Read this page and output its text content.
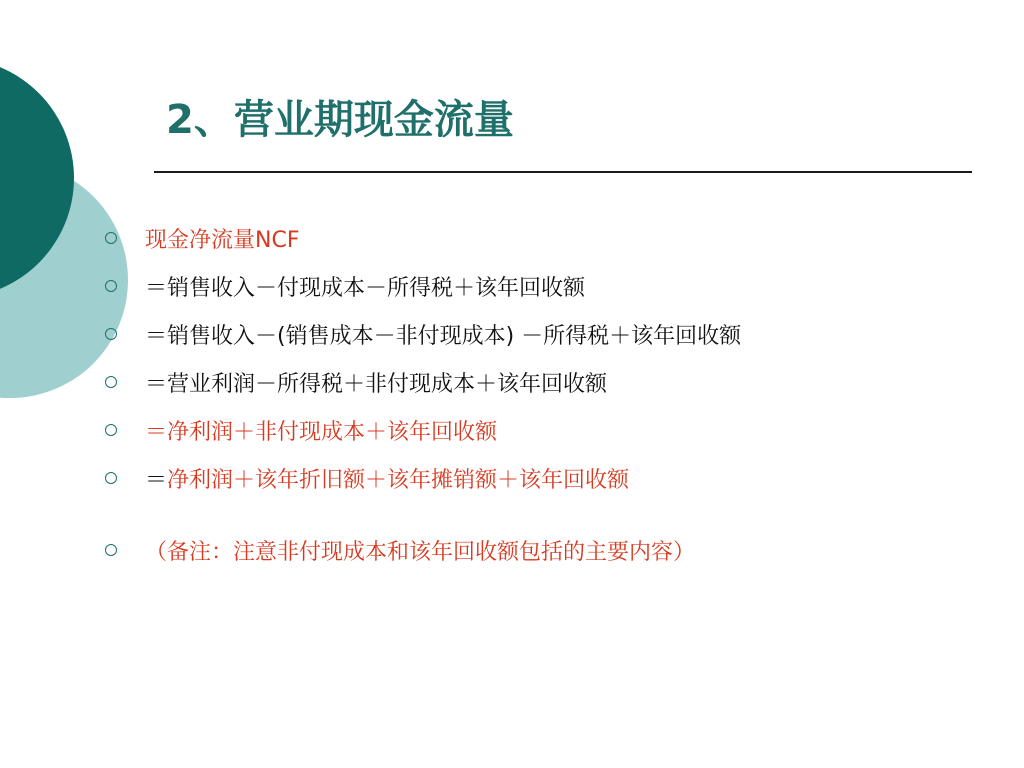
2、营业期现金流量
现金净流量NCF
＝销售收入－付现成本－所得税＋该年回收额
＝销售收入－(销售成本－非付现成本) －所得税＋该年回收额
＝营业利润－所得税＋非付现成本＋该年回收额
＝净利润＋非付现成本＋该年回收额
＝ 净利润＋该年折旧额＋该年摊销额＋该年回收额
（备注：注意非付现成本和该年回收额包括的主要内容）
